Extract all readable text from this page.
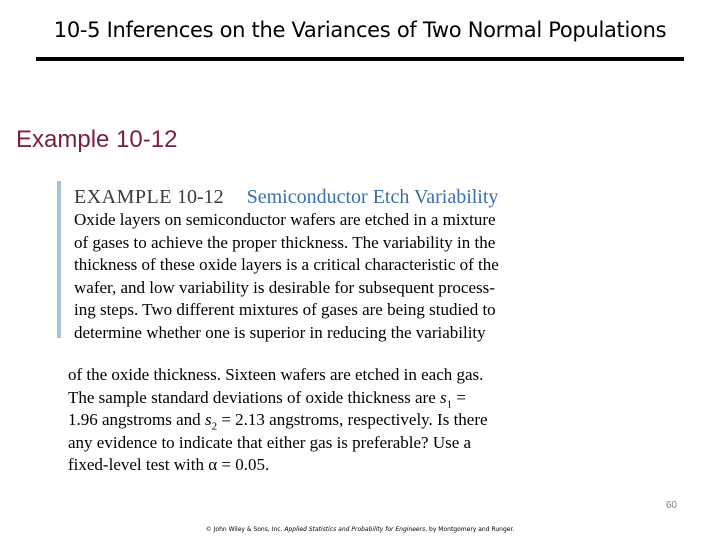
10-5 Inferences on the Variances of Two Normal Populations
Example 10-12
EXAMPLE 10-12 Semiconductor Etch Variability
Oxide layers on semiconductor wafers are etched in a mixture
of gases to achieve the proper thickness. The variability in the
thickness of these oxide layers is a critical characteristic of the
wafer, and low variability is desirable for subsequent process-
ing steps. Two different mixtures of gases are being studied to
determine whether one is superior in reducing the variability
of the oxide thickness. Sixteen wafers are etched in each gas.
The sample standard deviations of oxide thickness are $s_1$ =
1.96 angstroms and $s_2 = 2.13$ angstroms, respectively. Is there
any evidence to indicate that either gas is preferable? Use a
fixed-level test with α = 0.05.
60
© John Wiley & Sons, Inc. Applied Statistics and Probability for Engineers, by Montgomery and Runger.
